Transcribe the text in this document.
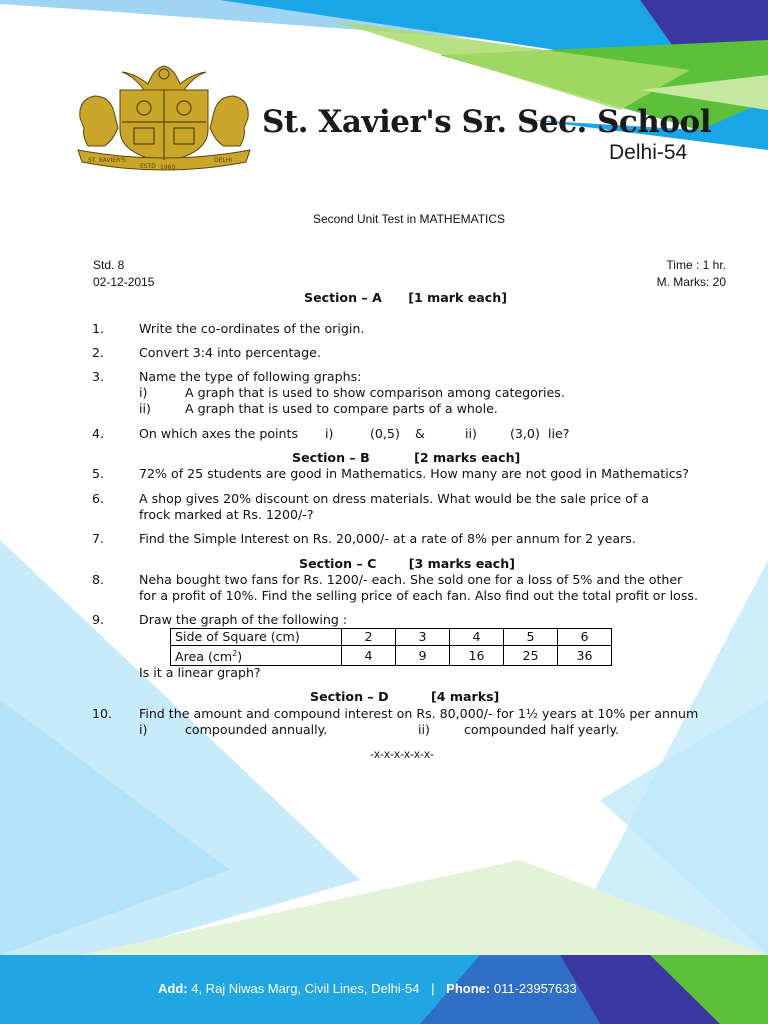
ST. XAVIER'S
ESTD 1960
DELHI
St. Xavier's Sr. Sec. School
Delhi-54
Second Unit Test in MATHEMATICS
Std. 8
02-12-2015
Time : 1 hr.
M. Marks: 20
Section – A [1 mark each]
1.	Write the co-ordinates of the origin.
2.	Convert 3:4 into percentage.
3.	Name the type of following graphs:
i)	A graph that is used to show comparison among categories.
ii)	A graph that is used to compare parts of a whole.
4.	On which axes the points i)	(0,5) &	ii)	(3,0) lie?
Section – B	[2 marks each]
5.	72% of 25 students are good in Mathematics. How many are not good in Mathematics?
6.	A shop gives 20% discount on dress materials. What would be the sale price of a
frock marked at Rs. 1200/-?
7.	Find the Simple Interest on Rs. 20,000/- at a rate of 8% per annum for 2 years.
Section – C	[3 marks each]
8.	Neha bought two fans for Rs. 1200/- each. She sold one for a loss of 5% and the other
for a profit of 10%. Find the selling price of each fan. Also find out the total profit or loss.
9.	Draw the graph of the following :
Side of Square (cm)	2	3	4	5	6
Area $(cm^2)$	4	9	16	25	36
Is it a linear graph?
Section – D	[4 marks]
10. Find the amount and compound interest on Rs. 80,000/- for 1½ years at 10% per annum
i)	compounded annually.	ii)	compounded half yearly.
-x-x-x-x-x-x-
Add: 4, Raj Niwas Marg, Civil Lines, Delhi-54 | Phone: 011-23957633
